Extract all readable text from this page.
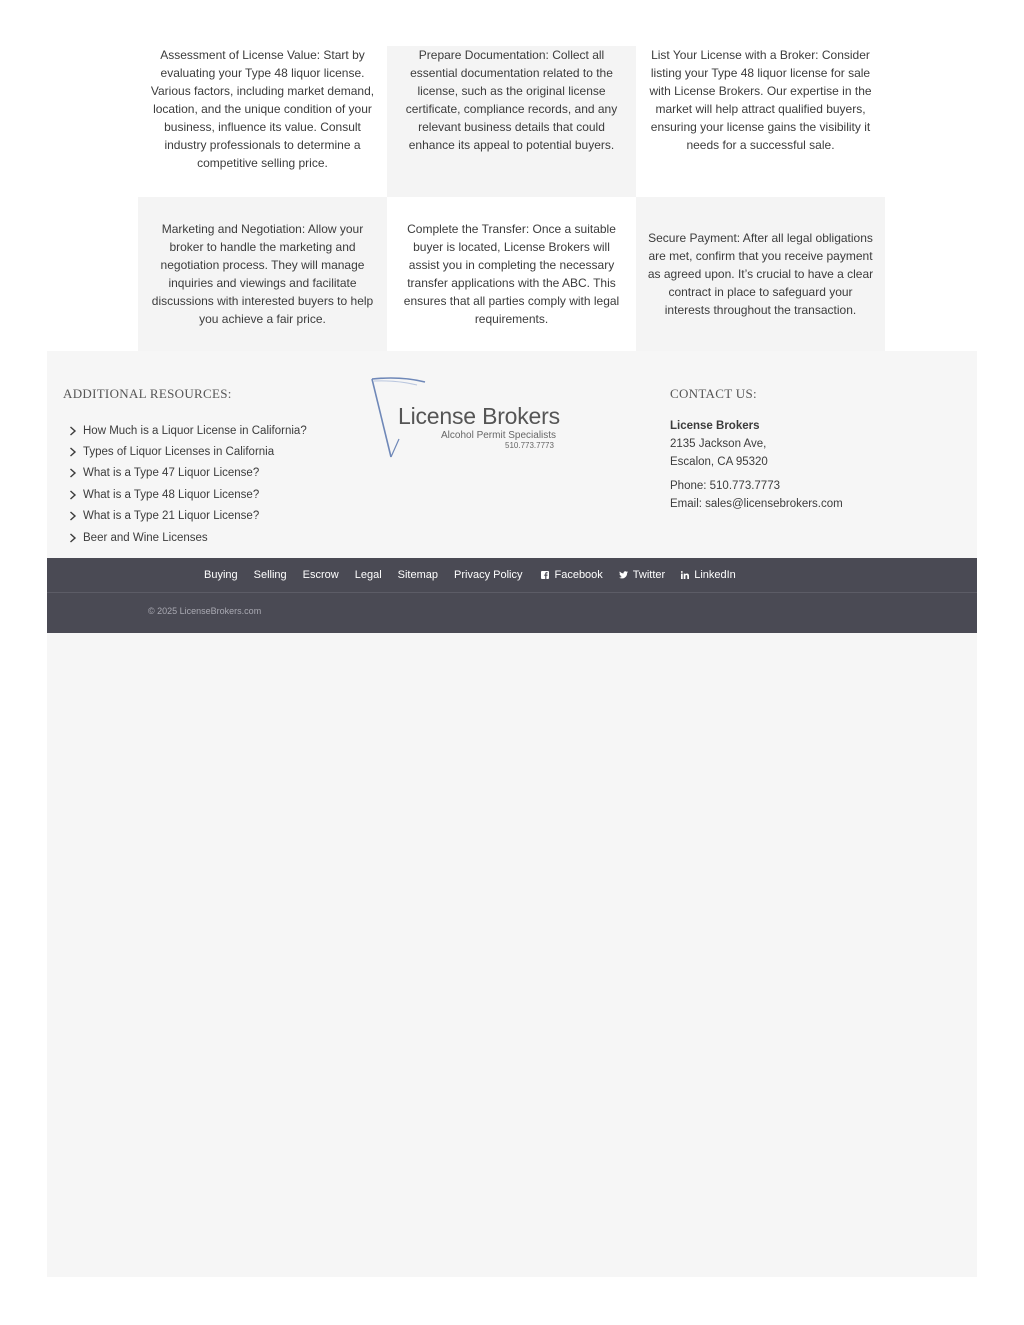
Assessment of License Value: Start by evaluating your Type 48 liquor license. Various factors, including market demand, location, and the unique condition of your business, influence its value. Consult industry professionals to determine a competitive selling price.
Prepare Documentation: Collect all essential documentation related to the license, such as the original license certificate, compliance records, and any relevant business details that could enhance its appeal to potential buyers.
List Your License with a Broker: Consider listing your Type 48 liquor license for sale with License Brokers. Our expertise in the market will help attract qualified buyers, ensuring your license gains the visibility it needs for a successful sale.
Marketing and Negotiation: Allow your broker to handle the marketing and negotiation process. They will manage inquiries and viewings and facilitate discussions with interested buyers to help you achieve a fair price.
Complete the Transfer: Once a suitable buyer is located, License Brokers will assist you in completing the necessary transfer applications with the ABC. This ensures that all parties comply with legal requirements.
Secure Payment: After all legal obligations are met, confirm that you receive payment as agreed upon. It’s crucial to have a clear contract in place to safeguard your interests throughout the transaction.
ADDITIONAL RESOURCES:
How Much is a Liquor License in California?
Types of Liquor Licenses in California
What is a Type 47 Liquor License?
What is a Type 48 Liquor License?
What is a Type 21 Liquor License?
Beer and Wine Licenses
License Brokers
Alcohol Permit Specialists
510.773.7773
CONTACT US:
License Brokers
2135 Jackson Ave,
Escalon, CA 95320
Phone: 510.773.7773
Email: sales@licensebrokers.com
Buying Selling Escrow Legal Sitemap Privacy Policy	Facebook	Twitter	LinkedIn
© 2025 LicenseBrokers.com
